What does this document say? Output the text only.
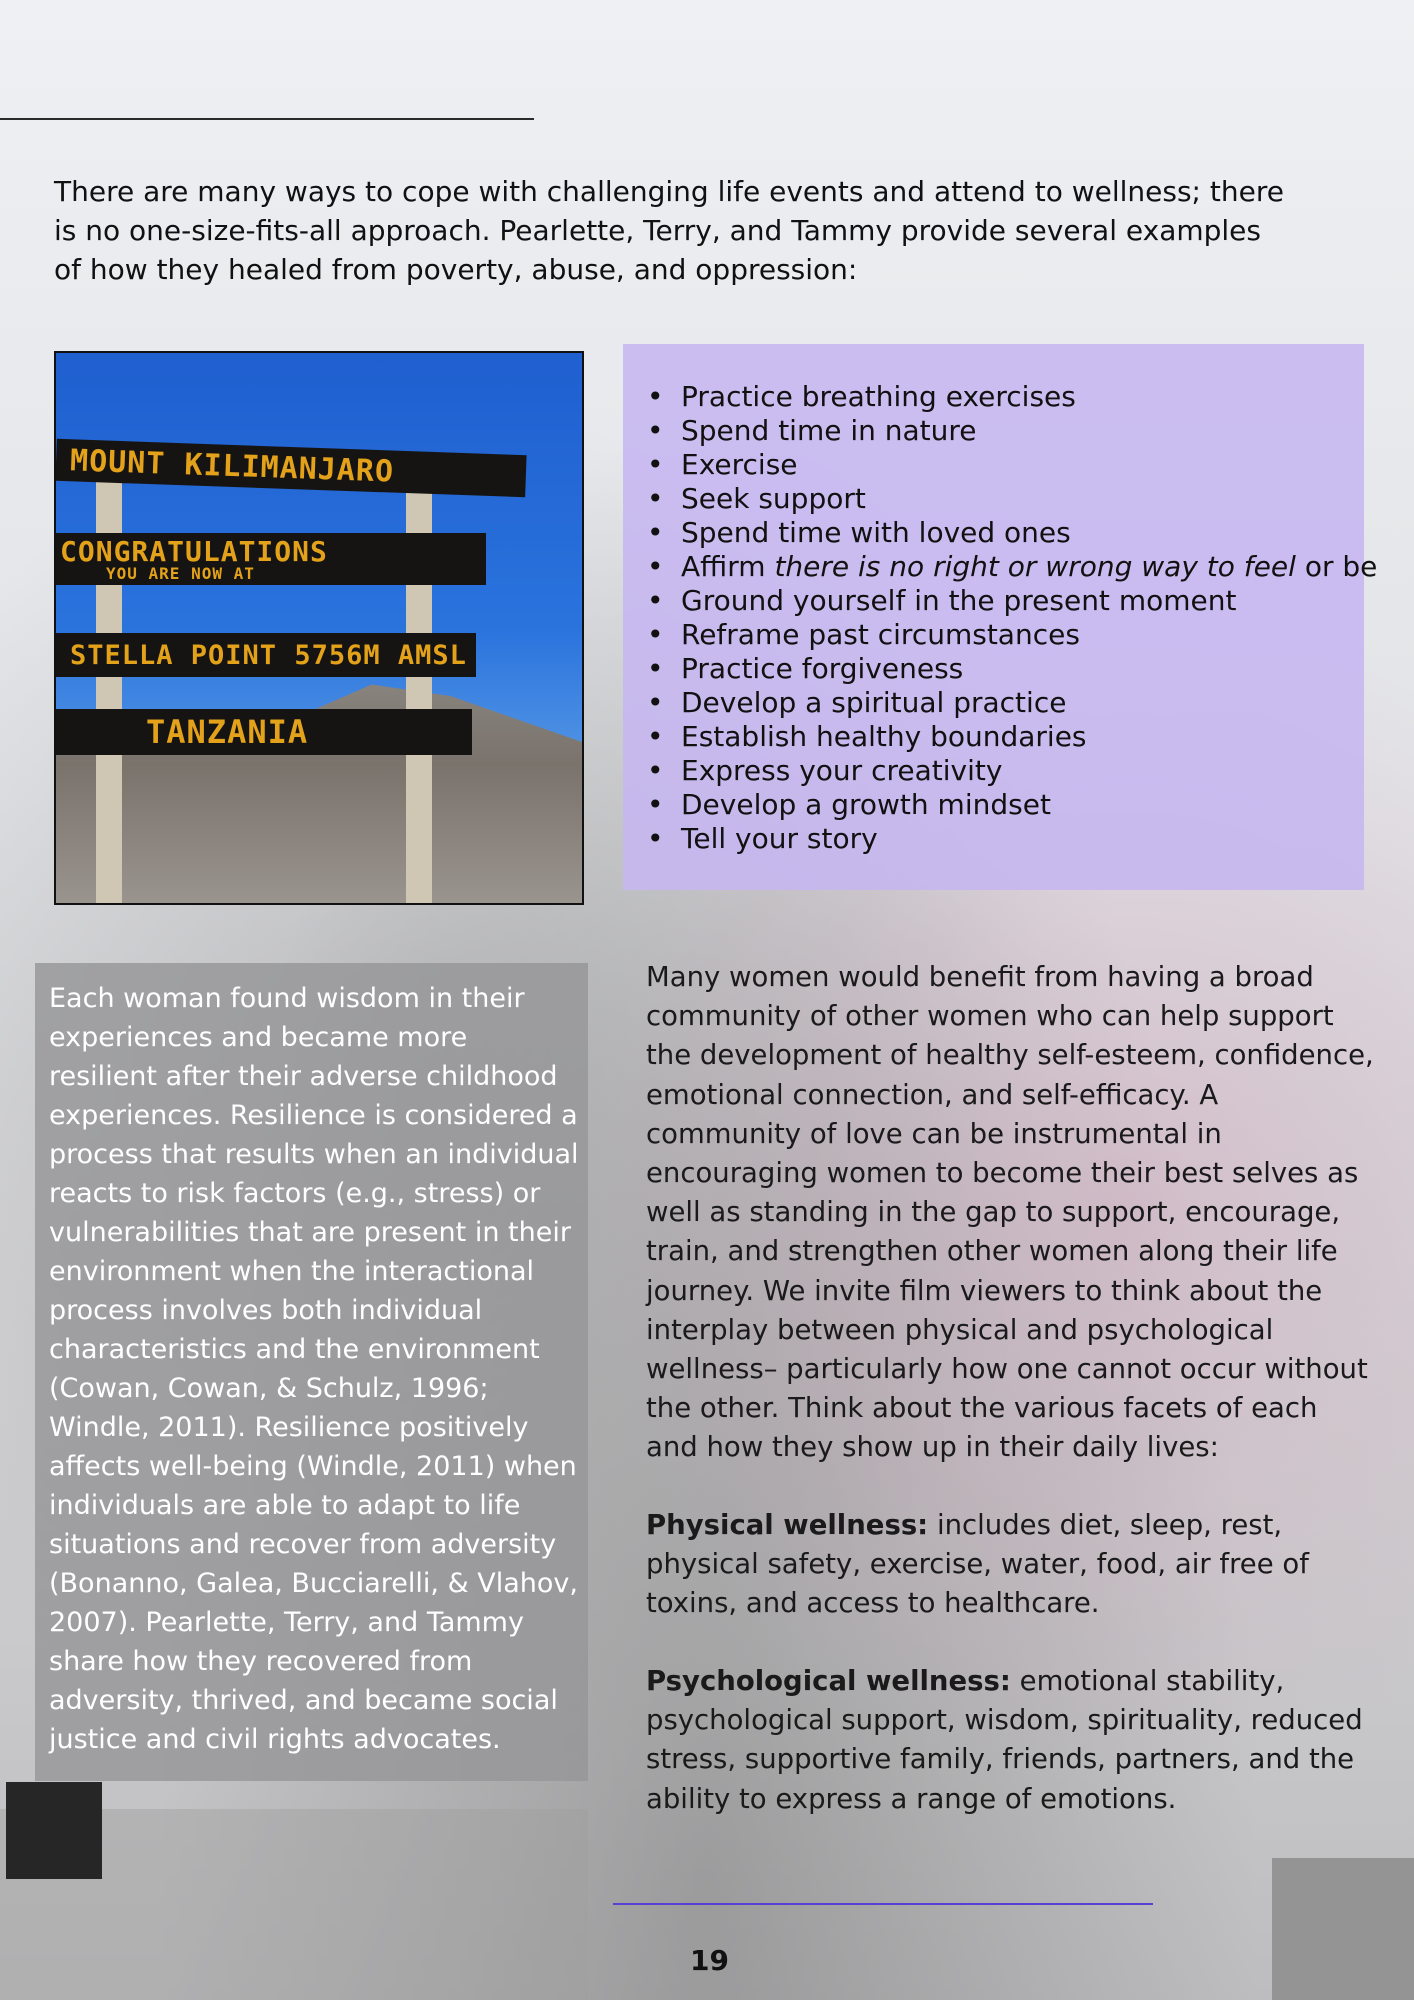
There are many ways to cope with challenging life events and attend to wellness; there is no one-size-fits-all approach. Pearlette, Terry, and Tammy provide several examples of how they healed from poverty, abuse, and oppression:

MOUNT KILIMANJARO
CONGRATULATIONS
YOU ARE NOW AT
STELLA POINT 5756M AMSL
TANZANIA
• Practice breathing exercises
• Spend time in nature
• Exercise
• Seek support
• Spend time with loved ones
• Affirm there is no right or wrong way to feel or be
• Ground yourself in the present moment
• Reframe past circumstances
• Practice forgiveness
• Develop a spiritual practice
• Establish healthy boundaries
• Express your creativity
• Develop a growth mindset
• Tell your story

Each woman found wisdom in their experiences and became more resilient after their adverse childhood experiences. Resilience is considered a process that results when an individual reacts to risk factors (e.g., stress) or vulnerabilities that are present in their environment when the interactional process involves both individual characteristics and the environment (Cowan, Cowan, & Schulz, 1996; Windle, 2011). Resilience positively affects well-being (Windle, 2011) when individuals are able to adapt to life situations and recover from adversity (Bonanno, Galea, Bucciarelli, & Vlahov, 2007). Pearlette, Terry, and Tammy share how they recovered from adversity, thrived, and became social justice and civil rights advocates.

Many women would benefit from having a broad community of other women who can help support the development of healthy self-esteem, confidence, emotional connection, and self-efficacy. A community of love can be instrumental in encouraging women to become their best selves as well as standing in the gap to support, encourage, train, and strengthen other women along their life journey. We invite film viewers to think about the interplay between physical and psychological wellness– particularly how one cannot occur without the other. Think about the various facets of each and how they show up in their daily lives:

Physical wellness: includes diet, sleep, rest, physical safety, exercise, water, food, air free of toxins, and access to healthcare.

Psychological wellness: emotional stability, psychological support, wisdom, spirituality, reduced stress, supportive family, friends, partners, and the ability to express a range of emotions.

19
